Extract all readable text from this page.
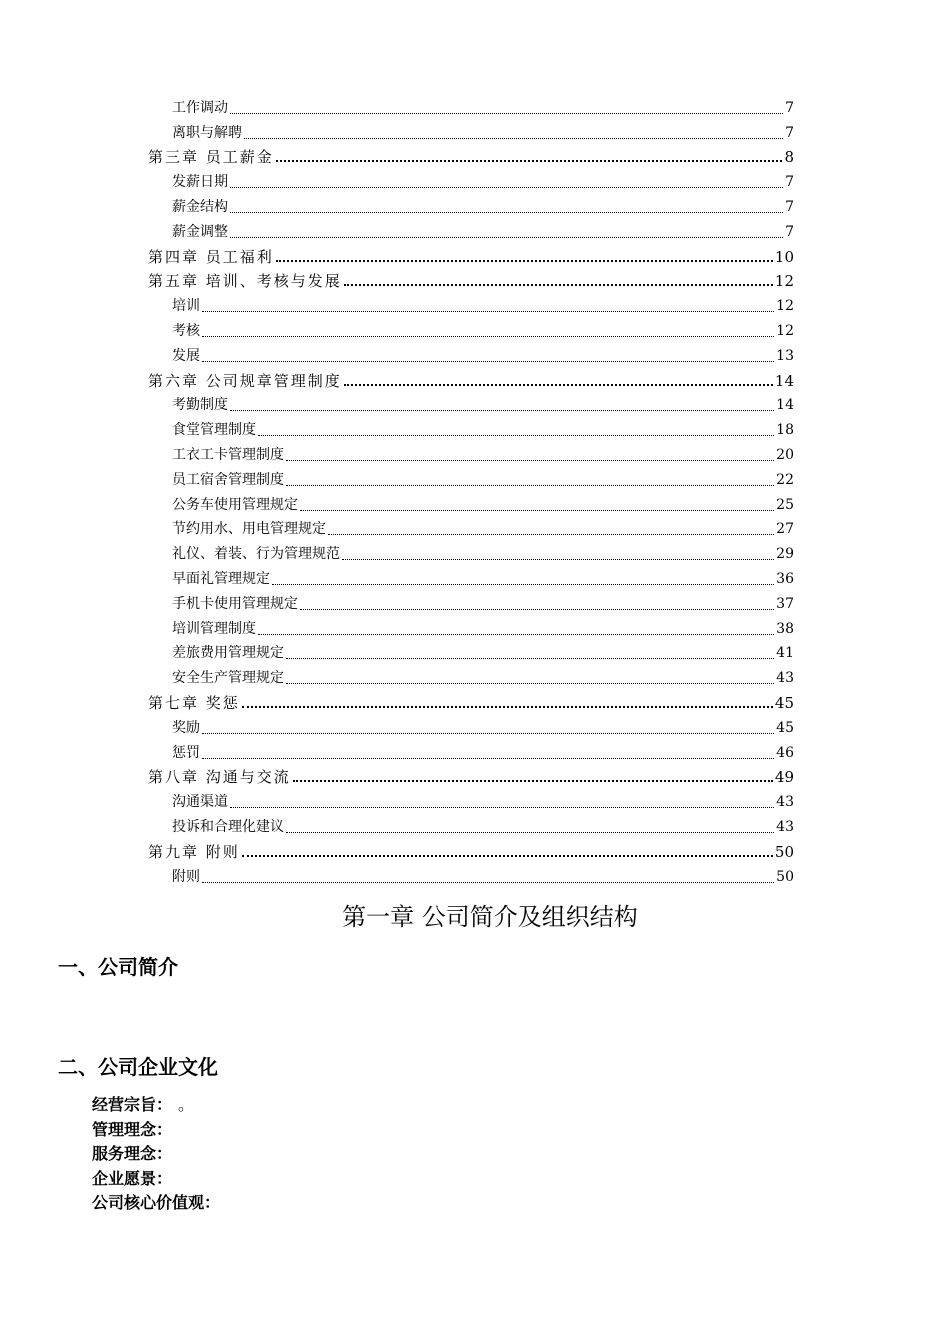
工作调动	7
离职与解聘	7
第三章 员工薪金	8
发薪日期	7
薪金结构	7
薪金调整	7
第四章 员工福利	10
第五章 培训、考核与发展	12
培训	12
考核	12
发展	13
第六章 公司规章管理制度	14
考勤制度	14
食堂管理制度	18
工衣工卡管理制度	20
员工宿舍管理制度	22
公务车使用管理规定	25
节约用水、用电管理规定	27
礼仪、着装、行为管理规范	29
早面礼管理规定	36
手机卡使用管理规定	37
培训管理制度	38
差旅费用管理规定	41
安全生产管理规定	43
第七章 奖惩	45
奖励	45
惩罚	46
第八章 沟通与交流	49
沟通渠道	43
投诉和合理化建议	43
第九章 附则	50
附则	50
第一章 公司简介及组织结构
一、公司简介
二、公司企业文化
经营宗旨： 。
管理理念：
服务理念：
企业愿景：
公司核心价值观：
